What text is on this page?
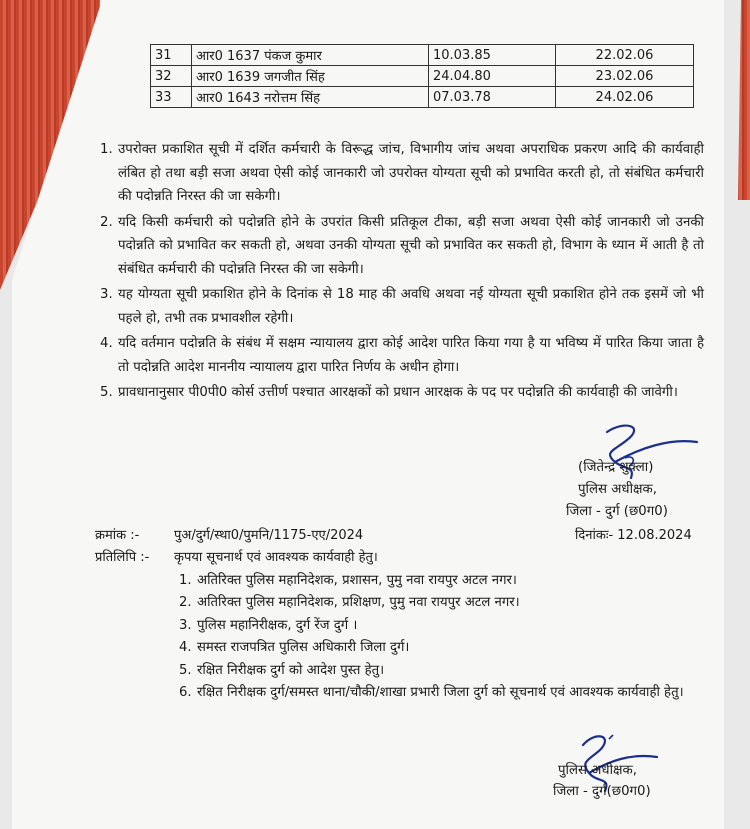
31	आर0 1637 पंकज कुमार	10.03.85	22.02.06
32	आर0 1639 जगजीत सिंह	24.04.80	23.02.06
33	आर0 1643 नरोत्तम सिंह	07.03.78	24.02.06
1. उपरोक्त प्रकाशित सूची में दर्शित कर्मचारी के विरूद्ध जांच, विभागीय जांच अथवा अपराधिक प्रकरण आदि की कार्यवाही लंबित हो तथा बड़ी सजा अथवा ऐसी कोई जानकारी जो उपरोक्त योग्यता सूची को प्रभावित करती हो, तो संबंधित कर्मचारी की पदोन्नति निरस्त की जा सकेगी।
2. यदि किसी कर्मचारी को पदोन्नति होने के उपरांत किसी प्रतिकूल टीका, बड़ी सजा अथवा ऐसी कोई जानकारी जो उनकी पदोन्नति को प्रभावित कर सकती हो, अथवा उनकी योग्यता सूची को प्रभावित कर सकती हो, विभाग के ध्यान में आती है तो संबंधित कर्मचारी की पदोन्नति निरस्त की जा सकेगी।
3. यह योग्यता सूची प्रकाशित होने के दिनांक से 18 माह की अवधि अथवा नई योग्यता सूची प्रकाशित होने तक इसमें जो भी पहले हो, तभी तक प्रभावशील रहेगी।
4. यदि वर्तमान पदोन्नति के संबंध में सक्षम न्यायालय द्वारा कोई आदेश पारित किया गया है या भविष्य में पारित किया जाता है तो पदोन्नति आदेश माननीय न्यायालय द्वारा पारित निर्णय के अधीन होगा।
5. प्रावधानानुसार पी0पी0 कोर्स उत्तीर्ण पश्चात आरक्षकों को प्रधान आरक्षक के पद पर पदोन्नति की कार्यवाही की जावेगी।
(जितेन्द्र शुक्ला)
पुलिस अधीक्षक,
जिला - दुर्ग (छ0ग0)
क्रमांक :-	पुअ/दुर्ग/स्था0/पुमनि/1175-एए/2024	दिनांकः- 12.08.2024
प्रतिलिपि :- कृपया सूचनार्थ एवं आवश्यक कार्यवाही हेतु।
1. अतिरिक्त पुलिस महानिदेशक, प्रशासन, पुमु नवा रायपुर अटल नगर।
2. अतिरिक्त पुलिस महानिदेशक, प्रशिक्षण, पुमु नवा रायपुर अटल नगर।
3. पुलिस महानिरीक्षक, दुर्ग रेंज दुर्ग ।
4. समस्त राजपत्रित पुलिस अधिकारी जिला दुर्ग।
5. रक्षित निरीक्षक दुर्ग को आदेश पुस्त हेतु।
6. रक्षित निरीक्षक दुर्ग/समस्त थाना/चौकी/शाखा प्रभारी जिला दुर्ग को सूचनार्थ एवं आवश्यक कार्यवाही हेतु।
पुलिस अधीक्षक,
जिला - दुर्ग(छ0ग0)
